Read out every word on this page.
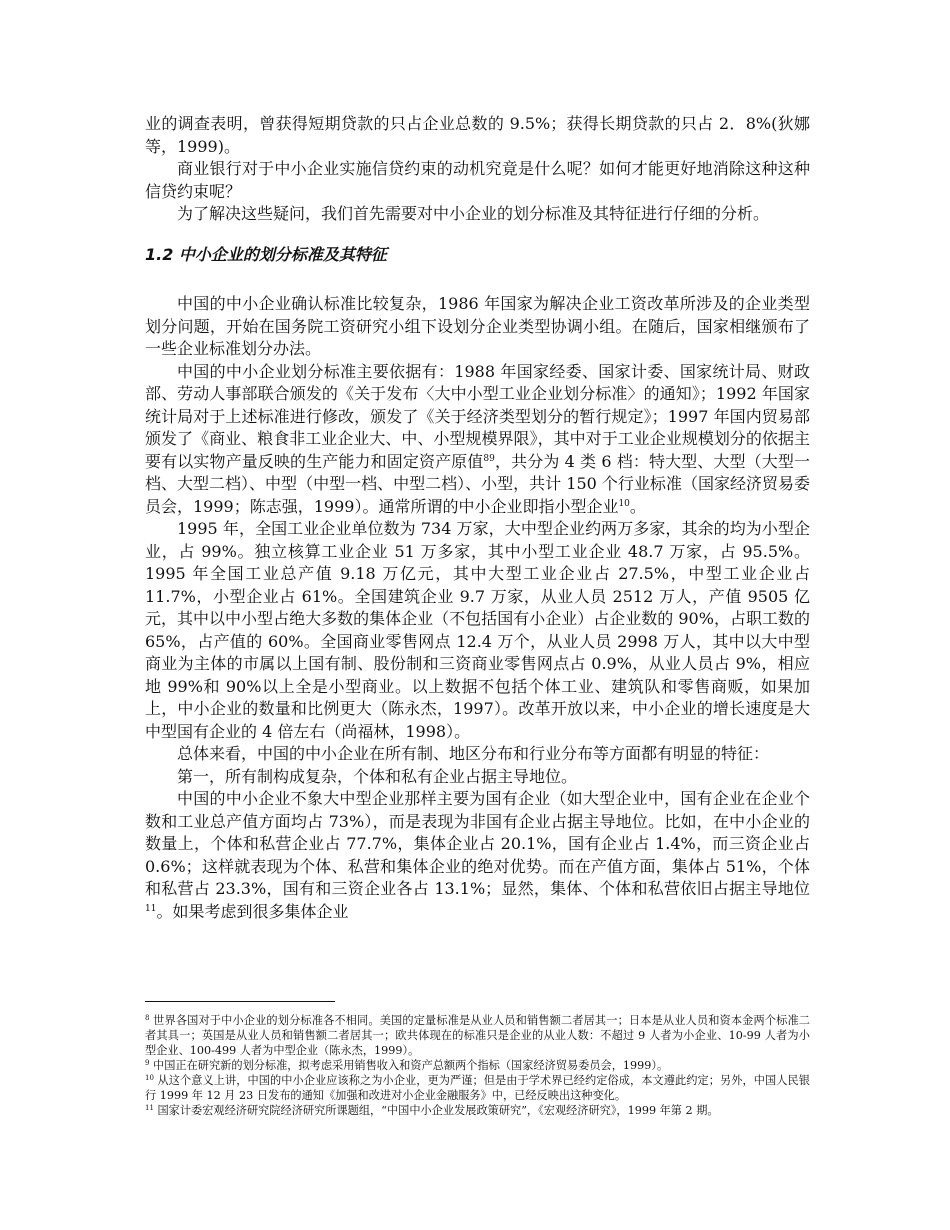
业的调查表明，曾获得短期贷款的只占企业总数的 9.5%；获得长期贷款的只占 2．8%(狄娜等，1999)。

商业银行对于中小企业实施信贷约束的动机究竟是什么呢？如何才能更好地消除这种这种信贷约束呢？

为了解决这些疑问，我们首先需要对中小企业的划分标准及其特征进行仔细的分析。

1.2 中小企业的划分标准及其特征

中国的中小企业确认标准比较复杂，1986 年国家为解决企业工资改革所涉及的企业类型划分问题，开始在国务院工资研究小组下设划分企业类型协调小组。在随后，国家相继颁布了一些企业标准划分办法。

中国的中小企业划分标准主要依据有：1988 年国家经委、国家计委、国家统计局、财政部、劳动人事部联合颁发的《关于发布〈大中小型工业企业划分标准〉的通知》；1992 年国家统计局对于上述标准进行修改，颁发了《关于经济类型划分的暂行规定》；1997 年国内贸易部颁发了《商业、粮食非工业企业大、中、小型规模界限》，其中对于工业企业规模划分的依据主要有以实物产量反映的生产能力和固定资产原值$^{89}$，共分为 4 类 6 档：特大型、大型（大型一档、大型二档）、中型（中型一档、中型二档）、小型，共计 150 个行业标准（国家经济贸易委员会，1999；陈志强，1999）。通常所谓的中小企业即指小型企业$^{10}$。

1995 年，全国工业企业单位数为 734 万家，大中型企业约两万多家，其余的均为小型企业，占 99%。独立核算工业企业 51 万多家，其中小型工业企业 48.7 万家，占 95.5%。1995 年全国工业总产值 9.18 万亿元，其中大型工业企业占 27.5%，中型工业企业占 11.7%，小型企业占 61%。全国建筑企业 9.7 万家，从业人员 2512 万人，产值 9505 亿元，其中以中小型占绝大多数的集体企业（不包括国有小企业）占企业数的 90%，占职工数的 65%，占产值的 60%。全国商业零售网点 12.4 万个，从业人员 2998 万人，其中以大中型商业为主体的市属以上国有制、股份制和三资商业零售网点占 0.9%，从业人员占 9%，相应地 99%和 90%以上全是小型商业。以上数据不包括个体工业、建筑队和零售商贩，如果加上，中小企业的数量和比例更大（陈永杰，1997）。改革开放以来，中小企业的增长速度是大中型国有企业的 4 倍左右（尚福林，1998）。

总体来看，中国的中小企业在所有制、地区分布和行业分布等方面都有明显的特征：

第一，所有制构成复杂，个体和私有企业占据主导地位。

中国的中小企业不象大中型企业那样主要为国有企业（如大型企业中，国有企业在企业个数和工业总产值方面均占 73%），而是表现为非国有企业占据主导地位。比如，在中小企业的数量上，个体和私营企业占 77.7%，集体企业占 20.1%，国有企业占 1.4%，而三资企业占 0.6%；这样就表现为个体、私营和集体企业的绝对优势。而在产值方面，集体占 51%，个体和私营占 23.3%，国有和三资企业各占 13.1%；显然，集体、个体和私营依旧占据主导地位$^{11}$。如果考虑到很多集体企业

$^8$ 世界各国对于中小企业的划分标准各不相同。美国的定量标准是从业人员和销售额二者居其一；日本是从业人员和资本金两个标准二者其具一；英国是从业人员和销售额二者居其一；欧共体现在的标准只是企业的从业人数：不超过 9 人者为小企业、10-99 人者为小型企业、100-499 人者为中型企业（陈永杰，1999）。

$^9$ 中国正在研究新的划分标准，拟考虑采用销售收入和资产总额两个指标（国家经济贸易委员会，1999）。

$^{10}$ 从这个意义上讲，中国的中小企业应该称之为小企业，更为严谨；但是由于学术界已经约定俗成，本文遵此约定；另外，中国人民银行 1999 年 12 月 23 日发布的通知《加强和改进对小企业金融服务》中，已经反映出这种变化。

$^{11}$ 国家计委宏观经济研究院经济研究所课题组，“中国中小企业发展政策研究”，《宏观经济研究》，1999 年第 2 期。
